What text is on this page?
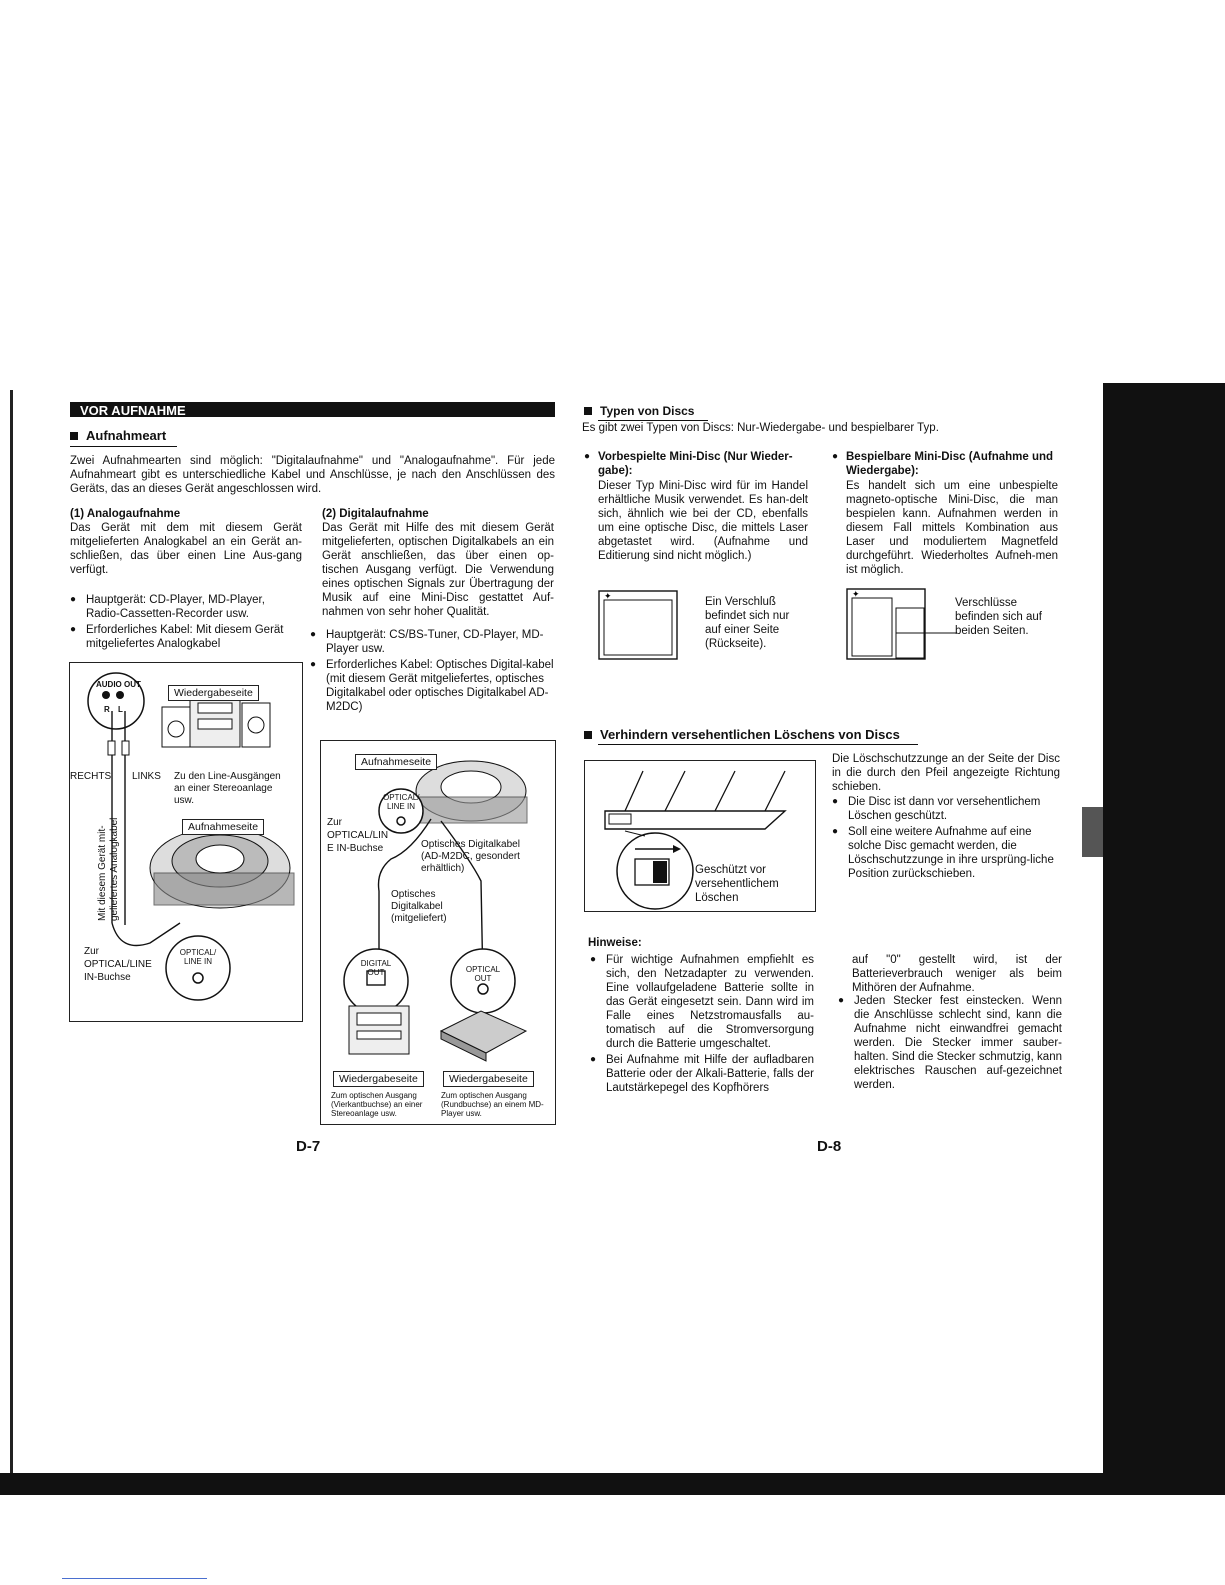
VOR AUFNAHME
Aufnahmeart
Zwei Aufnahmearten sind möglich: "Digitalaufnahme" und "Analogaufnahme". Für jede Aufnahmeart gibt es unterschiedliche Kabel und Anschlüsse, je nach den Anschlüssen des Geräts, das an dieses Gerät angeschlossen wird.
(1) Analogaufnahme
Das Gerät mit dem mit diesem Gerät mitgelieferten Analogkabel an ein Gerät an-schließen, das über einen Line Aus-gang verfügt.
● Hauptgerät: CD-Player, MD-Player, Radio-Cassetten-Recorder usw.
● Erforderliches Kabel: Mit diesem Gerät mitgeliefertes Analogkabel
(2) Digitalaufnahme
Das Gerät mit Hilfe des mit diesem Gerät mitgelieferten, optischen Digitalkabels an ein Gerät anschließen, das über einen op-tischen Ausgang verfügt. Die Verwendung eines optischen Signals zur Übertragung der Musik auf eine Mini-Disc gestattet Auf-nahmen von sehr hoher Qualität.
● Hauptgerät: CS/BS-Tuner, CD-Player, MD-Player usw.
● Erforderliches Kabel: Optisches Digital-kabel (mit diesem Gerät mitgeliefertes, optisches Digitalkabel oder optisches Digitalkabel AD-M2DC)
AUDIO OUT
R L
Wiedergabeseite
RECHTS LINKS Zu den Line-Ausgängen an einer Stereoanlage usw.
Aufnahmeseite
Mit diesem Gerät mit-geliefertes Analogkabel
Zur
OPTICAL/LINE
IN-Buchse
OPTICAL/ LINE IN
Aufnahmeseite
OPTICAL/ LINE IN
Zur
OPTICAL/LIN
E IN-Buchse	Optisches Digitalkabel (AD-M2DC, gesondert erhältlich)
Optisches Digitalkabel (mitgeliefert)
DIGITAL OUT	OPTICAL OUT
Wiedergabeseite	Wiedergabeseite
Zum optischen Ausgang (Vierkantbuchse) an einer Stereoanlage usw.
Zum optischen Ausgang (Rundbuchse) an einem MD-Player usw.
D-7
Typen von Discs
Es gibt zwei Typen von Discs: Nur-Wiedergabe- und bespielbarer Typ.
● Vorbespielte Mini-Disc (Nur Wieder-gabe):
Dieser Typ Mini-Disc wird für im Handel erhältliche Musik verwendet. Es han-delt sich, ähnlich wie bei der CD, ebenfalls um eine optische Disc, die mittels Laser abgetastet wird. (Aufnahme und Editierung sind nicht möglich.)
✦	Ein Verschluß befindet sich nur auf einer Seite (Rückseite).
● Bespielbare Mini-Disc (Aufnahme und Wiedergabe):
Es handelt sich um eine unbespielte magneto-optische Mini-Disc, die man bespielen kann. Aufnahmen werden in diesem Fall mittels Kombination aus Laser und moduliertem Magnetfeld durchgeführt. Wiederholtes Aufneh-men ist möglich.
✦
Verschlüsse befinden sich auf beiden Seiten.
Verhindern versehentlichen Löschens von Discs
Geschützt vor versehentlichem Löschen
Die Löschschutzzunge an der Seite der Disc in die durch den Pfeil angezeigte Richtung schieben.
● Die Disc ist dann vor versehentlichem Löschen geschützt.
● Soll eine weitere Aufnahme auf eine solche Disc gemacht werden, die Löschschutzzunge in ihre ursprüng-liche Position zurückschieben.
Hinweise:
● Für wichtige Aufnahmen empfiehlt es sich, den Netzadapter zu verwenden. Eine vollaufgeladene Batterie sollte in das Gerät eingesetzt sein. Dann wird im Falle eines Netzstromausfalls au-tomatisch auf die Stromversorgung durch die Batterie umgeschaltet.
● Bei Aufnahme mit Hilfe der aufladbaren Batterie oder der Alkali-Batterie, falls der Lautstärkepegel des Kopfhörers
auf "0" gestellt wird, ist der Batterieverbrauch weniger als beim Mithören der Aufnahme.
● Jeden Stecker fest einstecken. Wenn die Anschlüsse schlecht sind, kann die Aufnahme nicht einwandfrei gemacht werden. Die Stecker immer sauber-halten. Sind die Stecker schmutzig, kann elektrisches Rauschen auf-gezeichnet werden.
D-8
